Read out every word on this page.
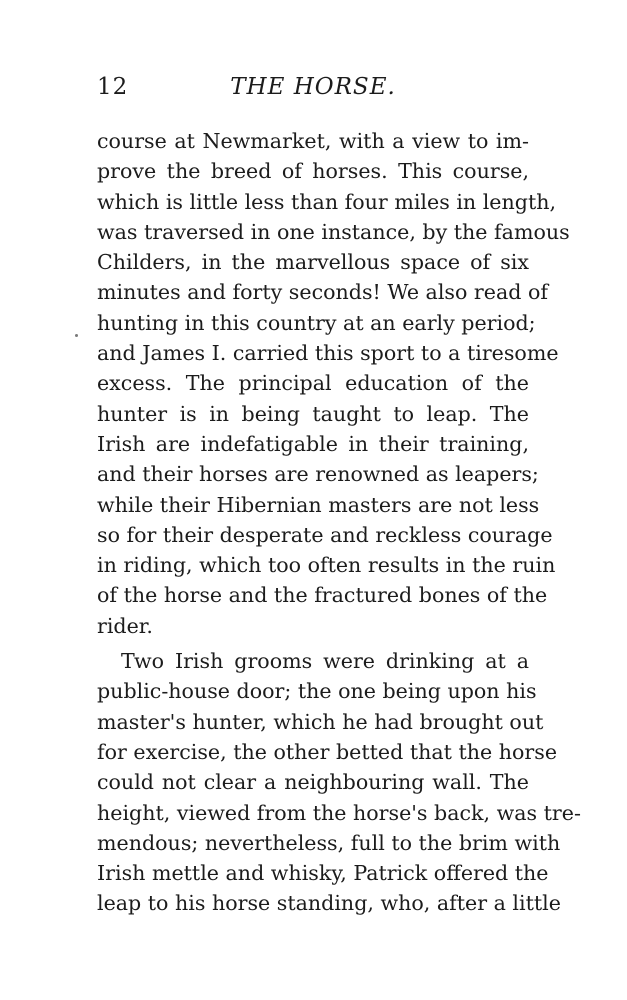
12	THE HORSE.
course at Newmarket, with a view to im-
prove the breed of horses. This course,
which is little less than four miles in length,
was traversed in one instance, by the famous
Childers, in the marvellous space of six
minutes and forty seconds! We also read of
hunting in this country at an early period;
and James I. carried this sport to a tiresome
excess. The principal education of the
hunter is in being taught to leap. The
Irish are indefatigable in their training,
and their horses are renowned as leapers;
while their Hibernian masters are not less
so for their desperate and reckless courage
in riding, which too often results in the ruin
of the horse and the fractured bones of the
rider.
Two Irish grooms were drinking at a
public-house door; the one being upon his
master's hunter, which he had brought out
for exercise, the other betted that the horse
could not clear a neighbouring wall. The
height, viewed from the horse's back, was tre-
mendous; nevertheless, full to the brim with
Irish mettle and whisky, Patrick offered the
leap to his horse standing, who, after a little
